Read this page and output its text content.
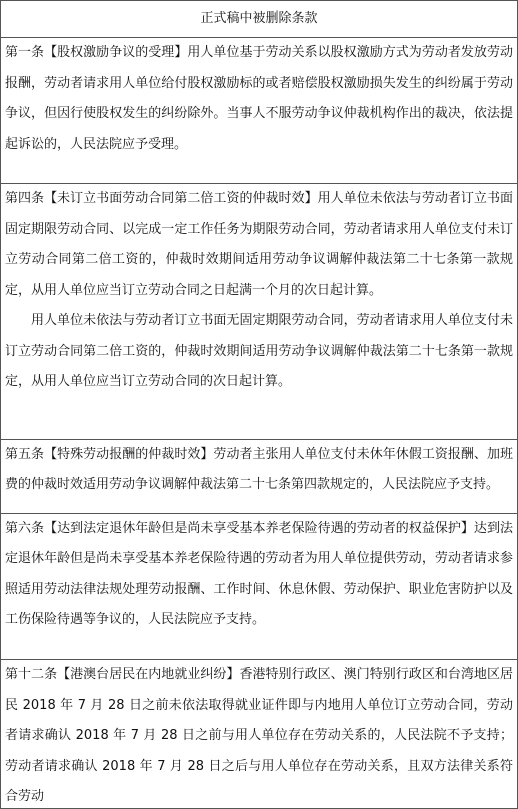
正式稿中被删除条款

第一条【股权激励争议的受理】用人单位基于劳动关系以股权激励方式为劳动者发放劳动报酬，劳动者请求用人单位给付股权激励标的或者赔偿股权激励损失发生的纠纷属于劳动争议，但因行使股权发生的纠纷除外。当事人不服劳动争议仲裁机构作出的裁决，依法提起诉讼的，人民法院应予受理。

第四条【未订立书面劳动合同第二倍工资的仲裁时效】用人单位未依法与劳动者订立书面固定期限劳动合同、以完成一定工作任务为期限劳动合同，劳动者请求用人单位支付未订立劳动合同第二倍工资的，仲裁时效期间适用劳动争议调解仲裁法第二十七条第一款规定，从用人单位应当订立劳动合同之日起满一个月的次日起计算。

用人单位未依法与劳动者订立书面无固定期限劳动合同，劳动者请求用人单位支付未订立劳动合同第二倍工资的，仲裁时效期间适用劳动争议调解仲裁法第二十七条第一款规定，从用人单位应当订立劳动合同的次日起计算。

第五条【特殊劳动报酬的仲裁时效】劳动者主张用人单位支付未休年休假工资报酬、加班费的仲裁时效适用劳动争议调解仲裁法第二十七条第四款规定的，人民法院应予支持。

第六条【达到法定退休年龄但是尚未享受基本养老保险待遇的劳动者的权益保护】达到法定退休年龄但是尚未享受基本养老保险待遇的劳动者为用人单位提供劳动，劳动者请求参照适用劳动法律法规处理劳动报酬、工作时间、休息休假、劳动保护、职业危害防护以及工伤保险待遇等争议的，人民法院应予支持。

第十二条【港澳台居民在内地就业纠纷】香港特别行政区、澳门特别行政区和台湾地区居民 2018 年 7 月 28 日之前未依法取得就业证件即与内地用人单位订立劳动合同，劳动者请求确认 2018 年 7 月 28 日之前与用人单位存在劳动关系的，人民法院不予支持；劳动者请求确认 2018 年 7 月 28 日之后与用人单位存在劳动关系，且双方法律关系符合劳动
